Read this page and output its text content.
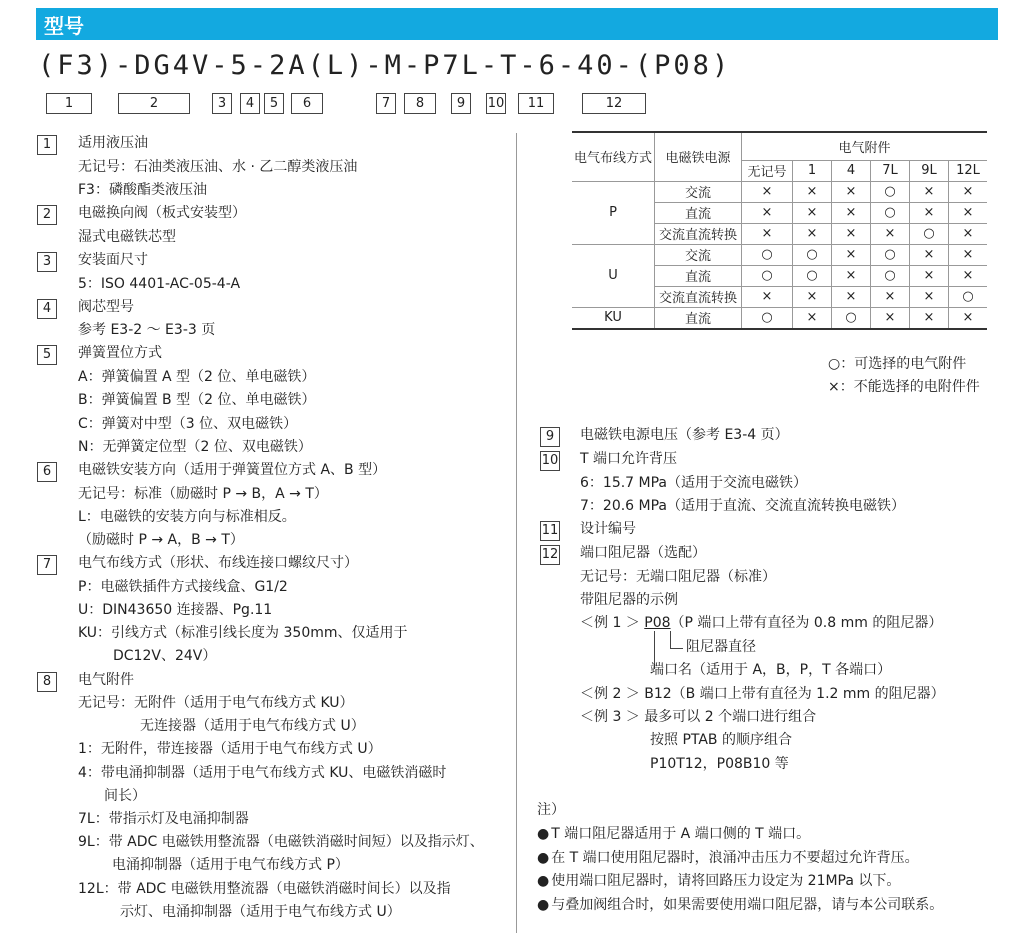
型号
(F3)-DG4V-5-2A(L)-M-P7L-T-6-40-(P08)
1	2	3	4	5	6	7	8	9	10	11	12
1	适用液压油
无记号：石油类液压油、水 · 乙二醇类液压油
F3：磷酸酯类液压油
2	电磁换向阀（板式安装型）
湿式电磁铁芯型
3	安装面尺寸
5：ISO 4401-AC-05-4-A
4	阀芯型号
参考 E3-2 ～ E3-3 页
5	弹簧置位方式
A：弹簧偏置 A 型（2 位、单电磁铁）
B：弹簧偏置 B 型（2 位、单电磁铁）
C：弹簧对中型（3 位、双电磁铁）
N：无弹簧定位型（2 位、双电磁铁）
6	电磁铁安装方向（适用于弹簧置位方式 A、B 型）
无记号：标准（励磁时 P → B，A → T）
L：电磁铁的安装方向与标准相反。
（励磁时 P → A，B → T）
7	电气布线方式（形状、布线连接口螺纹尺寸）
P：电磁铁插件方式接线盒、G1/2
U：DIN43650 连接器、Pg.11
KU：引线方式（标准引线长度为 350mm、仅适用于
DC12V、24V）
8	电气附件
无记号：无附件（适用于电气布线方式 KU）
无连接器（适用于电气布线方式 U）
1：无附件，带连接器（适用于电气布线方式 U）
4：带电涌抑制器（适用于电气布线方式 KU、电磁铁消磁时
间长）
7L：带指示灯及电涌抑制器
9L：带 ADC 电磁铁用整流器（电磁铁消磁时间短）以及指示灯、
电涌抑制器（适用于电气布线方式 P）
12L：带 ADC 电磁铁用整流器（电磁铁消磁时间长）以及指
示灯、电涌抑制器（适用于电气布线方式 U）
电气布线方式	电磁铁电源	电气附件					
		无记号	1	4	7L	9L	12L
P	交流	×	×	×	○	×	×
	直流	×	×	×	○	×	×
	交流直流转换	×	×	×	×	○	×
U	交流	○	○	×	○	×	×
	直流	○	○	×	○	×	×
	交流直流转换	×	×	×	×	×	○
KU	直流	○	×	○	×	×	×
○：可选择的电气附件
×：不能选择的电附件件
9	电磁铁电源电压（参考 E3-4 页）
10 T 端口允许背压
6：15.7 MPa（适用于交流电磁铁）
7：20.6 MPa（适用于直流、交流直流转换电磁铁）
11 设计编号
12 端口阻尼器（选配）
无记号：无端口阻尼器（标准）
带阻尼器的示例
＜例 1 ＞ P08（P 端口上带有直径为 0.8 mm 的阻尼器）
阻尼器直径
端口名（适用于 A，B，P，T 各端口）
＜例 2 ＞ B12（B 端口上带有直径为 1.2 mm 的阻尼器）
＜例 3 ＞ 最多可以 2 个端口进行组合
按照 PTAB 的顺序组合
P10T12，P08B10 等
注）
● T 端口阻尼器适用于 A 端口侧的 T 端口。
● 在 T 端口使用阻尼器时，浪涌冲击压力不要超过允许背压。
● 使用端口阻尼器时，请将回路压力设定为 21MPa 以下。
● 与叠加阀组合时，如果需要使用端口阻尼器，请与本公司联系。
